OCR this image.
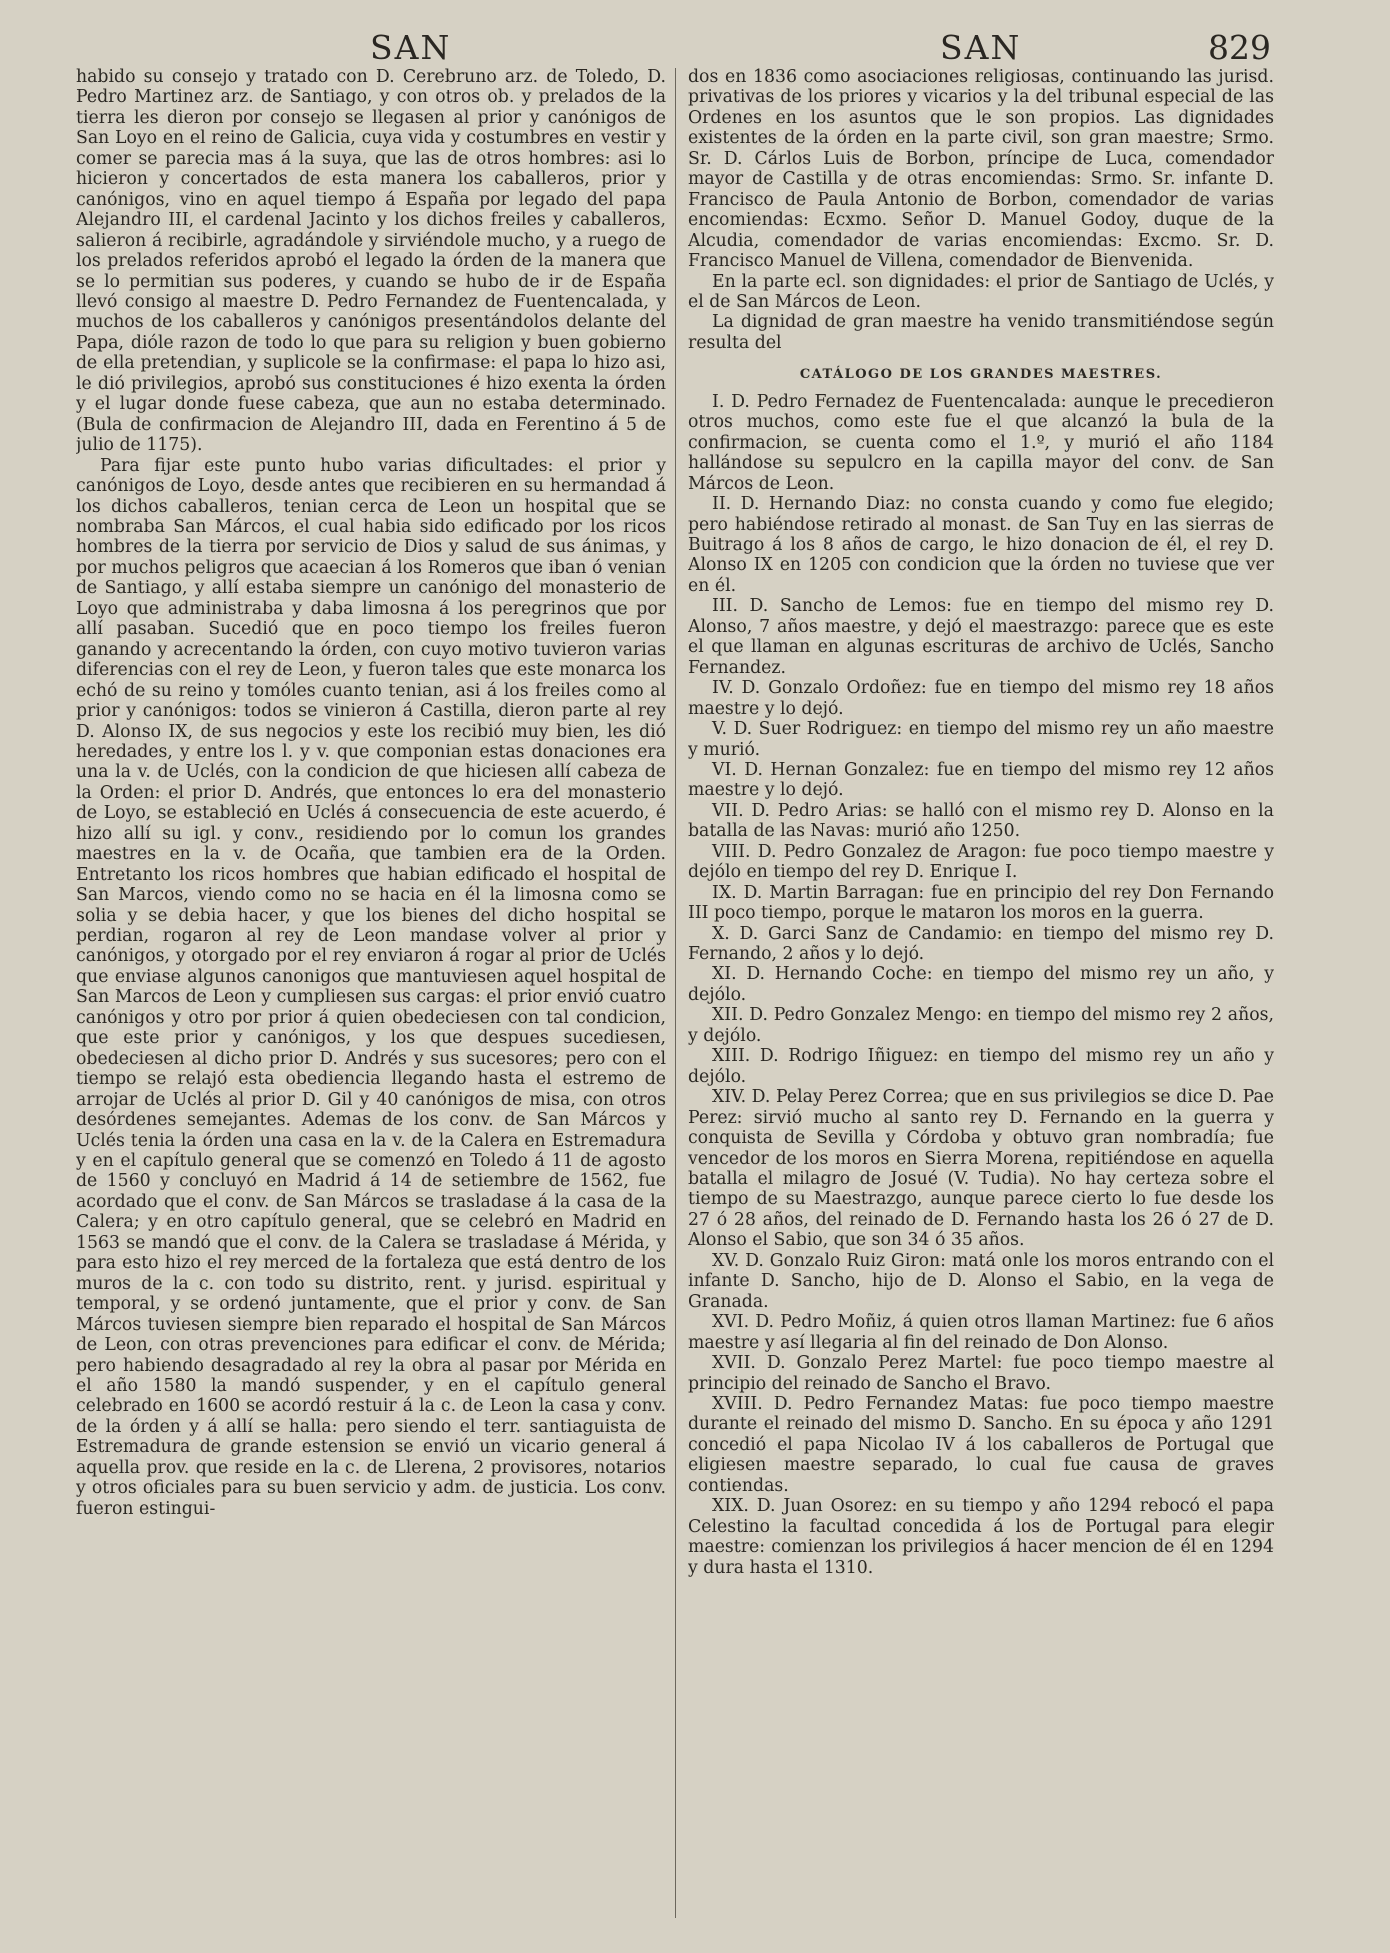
SAN	SAN	829

habido su consejo y tratado con D. Cerebruno arz. de Toledo, D. Pedro Martinez arz. de Santiago, y con otros ob. y prelados de la tierra les dieron por consejo se llegasen al prior y canónigos de San Loyo en el reino de Galicia, cuya vida y costumbres en vestir y comer se parecia mas á la suya, que las de otros hombres: asi lo hicieron y concertados de esta manera los caballeros, prior y canónigos, vino en aquel tiempo á España por legado del papa Alejandro III, el cardenal Jacinto y los dichos freiles y caballeros, salieron á recibirle, agradándole y sirviéndole mucho, y a ruego de los prelados referidos aprobó el legado la órden de la manera que se lo permitian sus poderes, y cuando se hubo de ir de España llevó consigo al maestre D. Pedro Fernandez de Fuentencalada, y muchos de los caballeros y canónigos presentándolos delante del Papa, dióle razon de todo lo que para su religion y buen gobierno de ella pretendian, y suplicole se la confirmase: el papa lo hizo asi, le dió privilegios, aprobó sus constituciones é hizo exenta la órden y el lugar donde fuese cabeza, que aun no estaba determinado. (Bula de confirmacion de Alejandro III, dada en Ferentino á 5 de julio de 1175).

Para fijar este punto hubo varias dificultades: el prior y canónigos de Loyo, desde antes que recibieren en su hermandad á los dichos caballeros, tenian cerca de Leon un hospital que se nombraba San Márcos, el cual habia sido edificado por los ricos hombres de la tierra por servicio de Dios y salud de sus ánimas, y por muchos peligros que acaecian á los Romeros que iban ó venian de Santiago, y allí estaba siempre un canónigo del monasterio de Loyo que administraba y daba limosna á los peregrinos que por allí pasaban. Sucedió que en poco tiempo los freiles fueron ganando y acrecentando la órden, con cuyo motivo tuvieron varias diferencias con el rey de Leon, y fueron tales que este monarca los echó de su reino y tomóles cuanto tenian, asi á los freiles como al prior y canónigos: todos se vinieron á Castilla, dieron parte al rey D. Alonso IX, de sus negocios y este los recibió muy bien, les dió heredades, y entre los l. y v. que componian estas donaciones era una la v. de Uclés, con la condicion de que hiciesen allí cabeza de la Orden: el prior D. Andrés, que entonces lo era del monasterio de Loyo, se estableció en Uclés á consecuencia de este acuerdo, é hizo allí su igl. y conv., residiendo por lo comun los grandes maestres en la v. de Ocaña, que tambien era de la Orden. Entretanto los ricos hombres que habian edificado el hospital de San Marcos, viendo como no se hacia en él la limosna como se solia y se debia hacer, y que los bienes del dicho hospital se perdian, rogaron al rey de Leon mandase volver al prior y canónigos, y otorgado por el rey enviaron á rogar al prior de Uclés que enviase algunos canonigos que mantuviesen aquel hospital de San Marcos de Leon y cumpliesen sus cargas: el prior envió cuatro canónigos y otro por prior á quien obedeciesen con tal condicion, que este prior y canónigos, y los que despues sucediesen, obedeciesen al dicho prior D. Andrés y sus sucesores; pero con el tiempo se relajó esta obediencia llegando hasta el estremo de arrojar de Uclés al prior D. Gil y 40 canónigos de misa, con otros desórdenes semejantes. Ademas de los conv. de San Márcos y Uclés tenia la órden una casa en la v. de la Calera en Estremadura y en el capítulo general que se comenzó en Toledo á 11 de agosto de 1560 y concluyó en Madrid á 14 de setiembre de 1562, fue acordado que el conv. de San Márcos se trasladase á la casa de la Calera; y en otro capítulo general, que se celebró en Madrid en 1563 se mandó que el conv. de la Calera se trasladase á Mérida, y para esto hizo el rey merced de la fortaleza que está dentro de los muros de la c. con todo su distrito, rent. y jurisd. espiritual y temporal, y se ordenó juntamente, que el prior y conv. de San Márcos tuviesen siempre bien reparado el hospital de San Márcos de Leon, con otras prevenciones para edificar el conv. de Mérida; pero habiendo desagradado al rey la obra al pasar por Mérida en el año 1580 la mandó suspender, y en el capítulo general celebrado en 1600 se acordó restuir á la c. de Leon la casa y conv. de la órden y á allí se halla: pero siendo el terr. santiaguista de Estremadura de grande estension se envió un vicario general á aquella prov. que reside en la c. de Llerena, 2 provisores, notarios y otros oficiales para su buen servicio y adm. de justicia. Los conv. fueron estingui-

dos en 1836 como asociaciones religiosas, continuando las jurisd. privativas de los priores y vicarios y la del tribunal especial de las Ordenes en los asuntos que le son propios. Las dignidades existentes de la órden en la parte civil, son gran maestre; Srmo. Sr. D. Cárlos Luis de Borbon, príncipe de Luca, comendador mayor de Castilla y de otras encomiendas: Srmo. Sr. infante D. Francisco de Paula Antonio de Borbon, comendador de varias encomiendas: Ecxmo. Señor D. Manuel Godoy, duque de la Alcudia, comendador de varias encomiendas: Excmo. Sr. D. Francisco Manuel de Villena, comendador de Bienvenida.

En la parte ecl. son dignidades: el prior de Santiago de Uclés, y el de San Márcos de Leon.

La dignidad de gran maestre ha venido transmitiéndose según resulta del

CATÁLOGO DE LOS GRANDES MAESTRES.

I. D. Pedro Fernadez de Fuentencalada: aunque le precedieron otros muchos, como este fue el que alcanzó la bula de la confirmacion, se cuenta como el 1.º, y murió el año 1184 hallándose su sepulcro en la capilla mayor del conv. de San Márcos de Leon.

II. D. Hernando Diaz: no consta cuando y como fue elegido; pero habiéndose retirado al monast. de San Tuy en las sierras de Buitrago á los 8 años de cargo, le hizo donacion de él, el rey D. Alonso IX en 1205 con condicion que la órden no tuviese que ver en él.

III. D. Sancho de Lemos: fue en tiempo del mismo rey D. Alonso, 7 años maestre, y dejó el maestrazgo: parece que es este el que llaman en algunas escrituras de archivo de Uclés, Sancho Fernandez.

IV. D. Gonzalo Ordoñez: fue en tiempo del mismo rey 18 años maestre y lo dejó.

V. D. Suer Rodriguez: en tiempo del mismo rey un año maestre y murió.

VI. D. Hernan Gonzalez: fue en tiempo del mismo rey 12 años maestre y lo dejó.

VII. D. Pedro Arias: se halló con el mismo rey D. Alonso en la batalla de las Navas: murió año 1250.

VIII. D. Pedro Gonzalez de Aragon: fue poco tiempo maestre y dejólo en tiempo del rey D. Enrique I.

IX. D. Martin Barragan: fue en principio del rey Don Fernando III poco tiempo, porque le mataron los moros en la guerra.

X. D. Garci Sanz de Candamio: en tiempo del mismo rey D. Fernando, 2 años y lo dejó.

XI. D. Hernando Coche: en tiempo del mismo rey un año, y dejólo.

XII. D. Pedro Gonzalez Mengo: en tiempo del mismo rey 2 años, y dejólo.

XIII. D. Rodrigo Iñiguez: en tiempo del mismo rey un año y dejólo.

XIV. D. Pelay Perez Correa; que en sus privilegios se dice D. Pae Perez: sirvió mucho al santo rey D. Fernando en la guerra y conquista de Sevilla y Córdoba y obtuvo gran nombradía; fue vencedor de los moros en Sierra Morena, repitiéndose en aquella batalla el milagro de Josué (V. Tudia). No hay certeza sobre el tiempo de su Maestrazgo, aunque parece cierto lo fue desde los 27 ó 28 años, del reinado de D. Fernando hasta los 26 ó 27 de D. Alonso el Sabio, que son 34 ó 35 años.

XV. D. Gonzalo Ruiz Giron: matá onle los moros entrando con el infante D. Sancho, hijo de D. Alonso el Sabio, en la vega de Granada.

XVI. D. Pedro Moñiz, á quien otros llaman Martinez: fue 6 años maestre y así llegaria al fin del reinado de Don Alonso.

XVII. D. Gonzalo Perez Martel: fue poco tiempo maestre al principio del reinado de Sancho el Bravo.

XVIII. D. Pedro Fernandez Matas: fue poco tiempo maestre durante el reinado del mismo D. Sancho. En su época y año 1291 concedió el papa Nicolao IV á los caballeros de Portugal que eligiesen maestre separado, lo cual fue causa de graves contiendas.

XIX. D. Juan Osorez: en su tiempo y año 1294 rebocó el papa Celestino la facultad concedida á los de Portugal para elegir maestre: comienzan los privilegios á hacer mencion de él en 1294 y dura hasta el 1310.
